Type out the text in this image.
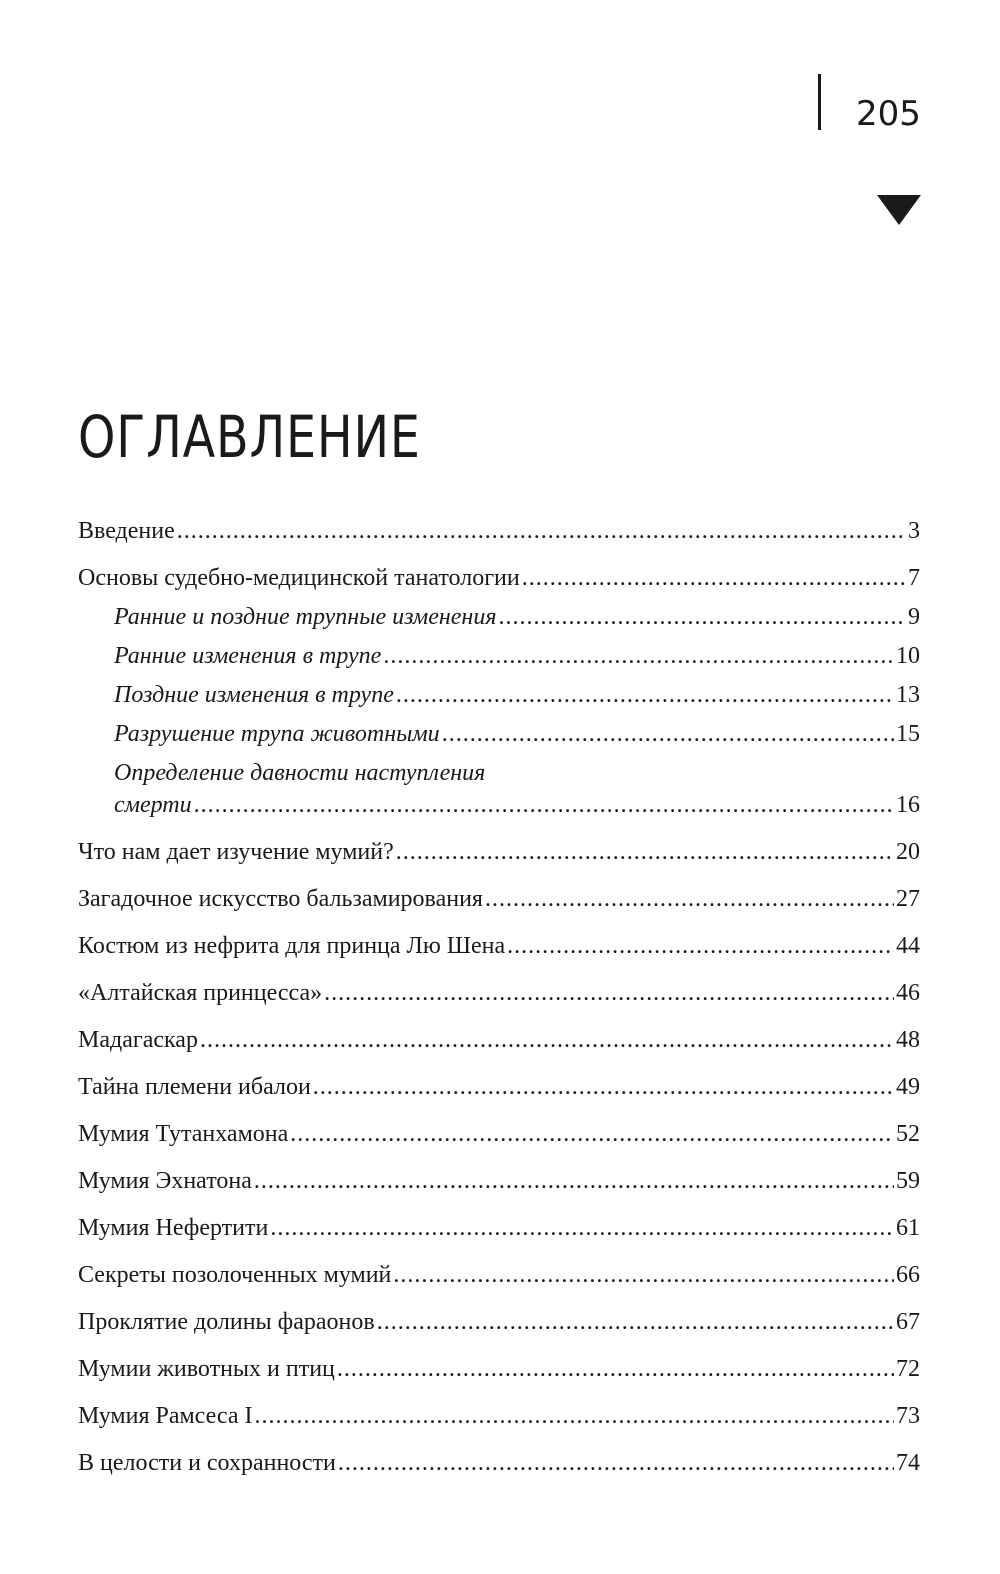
205
ОГЛАВЛЕНИЕ
Введение .....	3
Основы судебно-медицинской танатологии .....	7
Ранние и поздние трупные изменения .....	9
Ранние изменения в трупе .....	10
Поздние изменения в трупе .....	13
Разрушение трупа животными .....	15
Определение давности наступления
смерти .....	16
Что нам дает изучение мумий? .....	20
Загадочное искусство бальзамирования .....	27
Костюм из нефрита для принца Лю Шена .....	44
«Алтайская принцесса» .....	46
Мадагаскар .....	48
Тайна племени ибалои .....	49
Мумия Тутанхамона .....	52
Мумия Эхнатона .....	59
Мумия Нефертити .....	61
Секреты позолоченных мумий .....	66
Проклятие долины фараонов .....	67
Мумии животных и птиц .....	72
Мумия Рамсеса I .....	73
В целости и сохранности .....	74
